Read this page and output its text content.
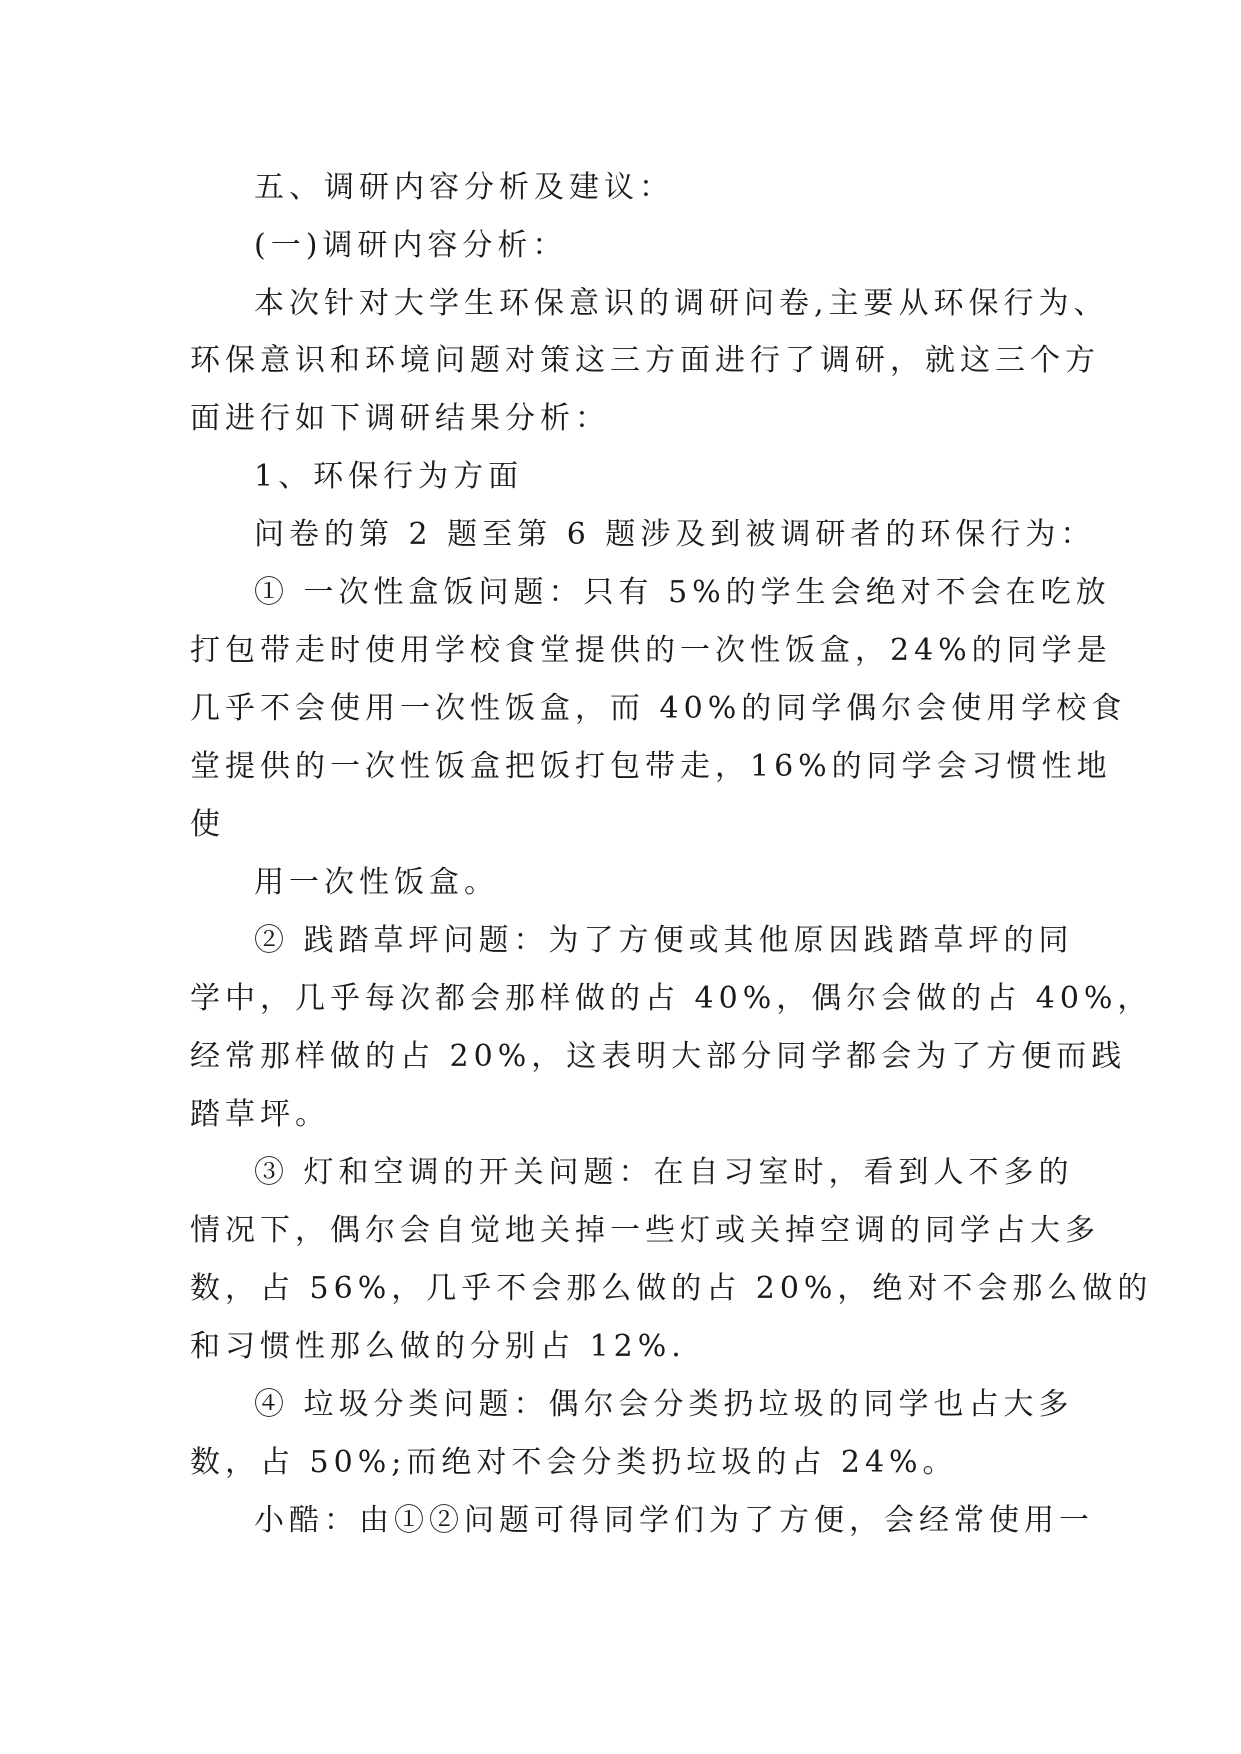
五、调研内容分析及建议：
(一)调研内容分析：
本次针对大学生环保意识的调研问卷,主要从环保行为、
环保意识和环境问题对策这三方面进行了调研，就这三个方
面进行如下调研结果分析：
1、环保行为方面
问卷的第 2 题至第 6 题涉及到被调研者的环保行为：
① 一次性盒饭问题：只有 5%的学生会绝对不会在吃放
打包带走时使用学校食堂提供的一次性饭盒，24%的同学是
几乎不会使用一次性饭盒，而 40%的同学偶尔会使用学校食
堂提供的一次性饭盒把饭打包带走，16%的同学会习惯性地
使
用一次性饭盒。
② 践踏草坪问题：为了方便或其他原因践踏草坪的同
学中，几乎每次都会那样做的占 40%，偶尔会做的占 40%，
经常那样做的占 20%，这表明大部分同学都会为了方便而践
踏草坪。
③ 灯和空调的开关问题：在自习室时，看到人不多的
情况下，偶尔会自觉地关掉一些灯或关掉空调的同学占大多
数，占 56%，几乎不会那么做的占 20%，绝对不会那么做的
和习惯性那么做的分别占 12%.
④ 垃圾分类问题：偶尔会分类扔垃圾的同学也占大多
数，占 50%;而绝对不会分类扔垃圾的占 24%。
小酷：由①②问题可得同学们为了方便，会经常使用一
